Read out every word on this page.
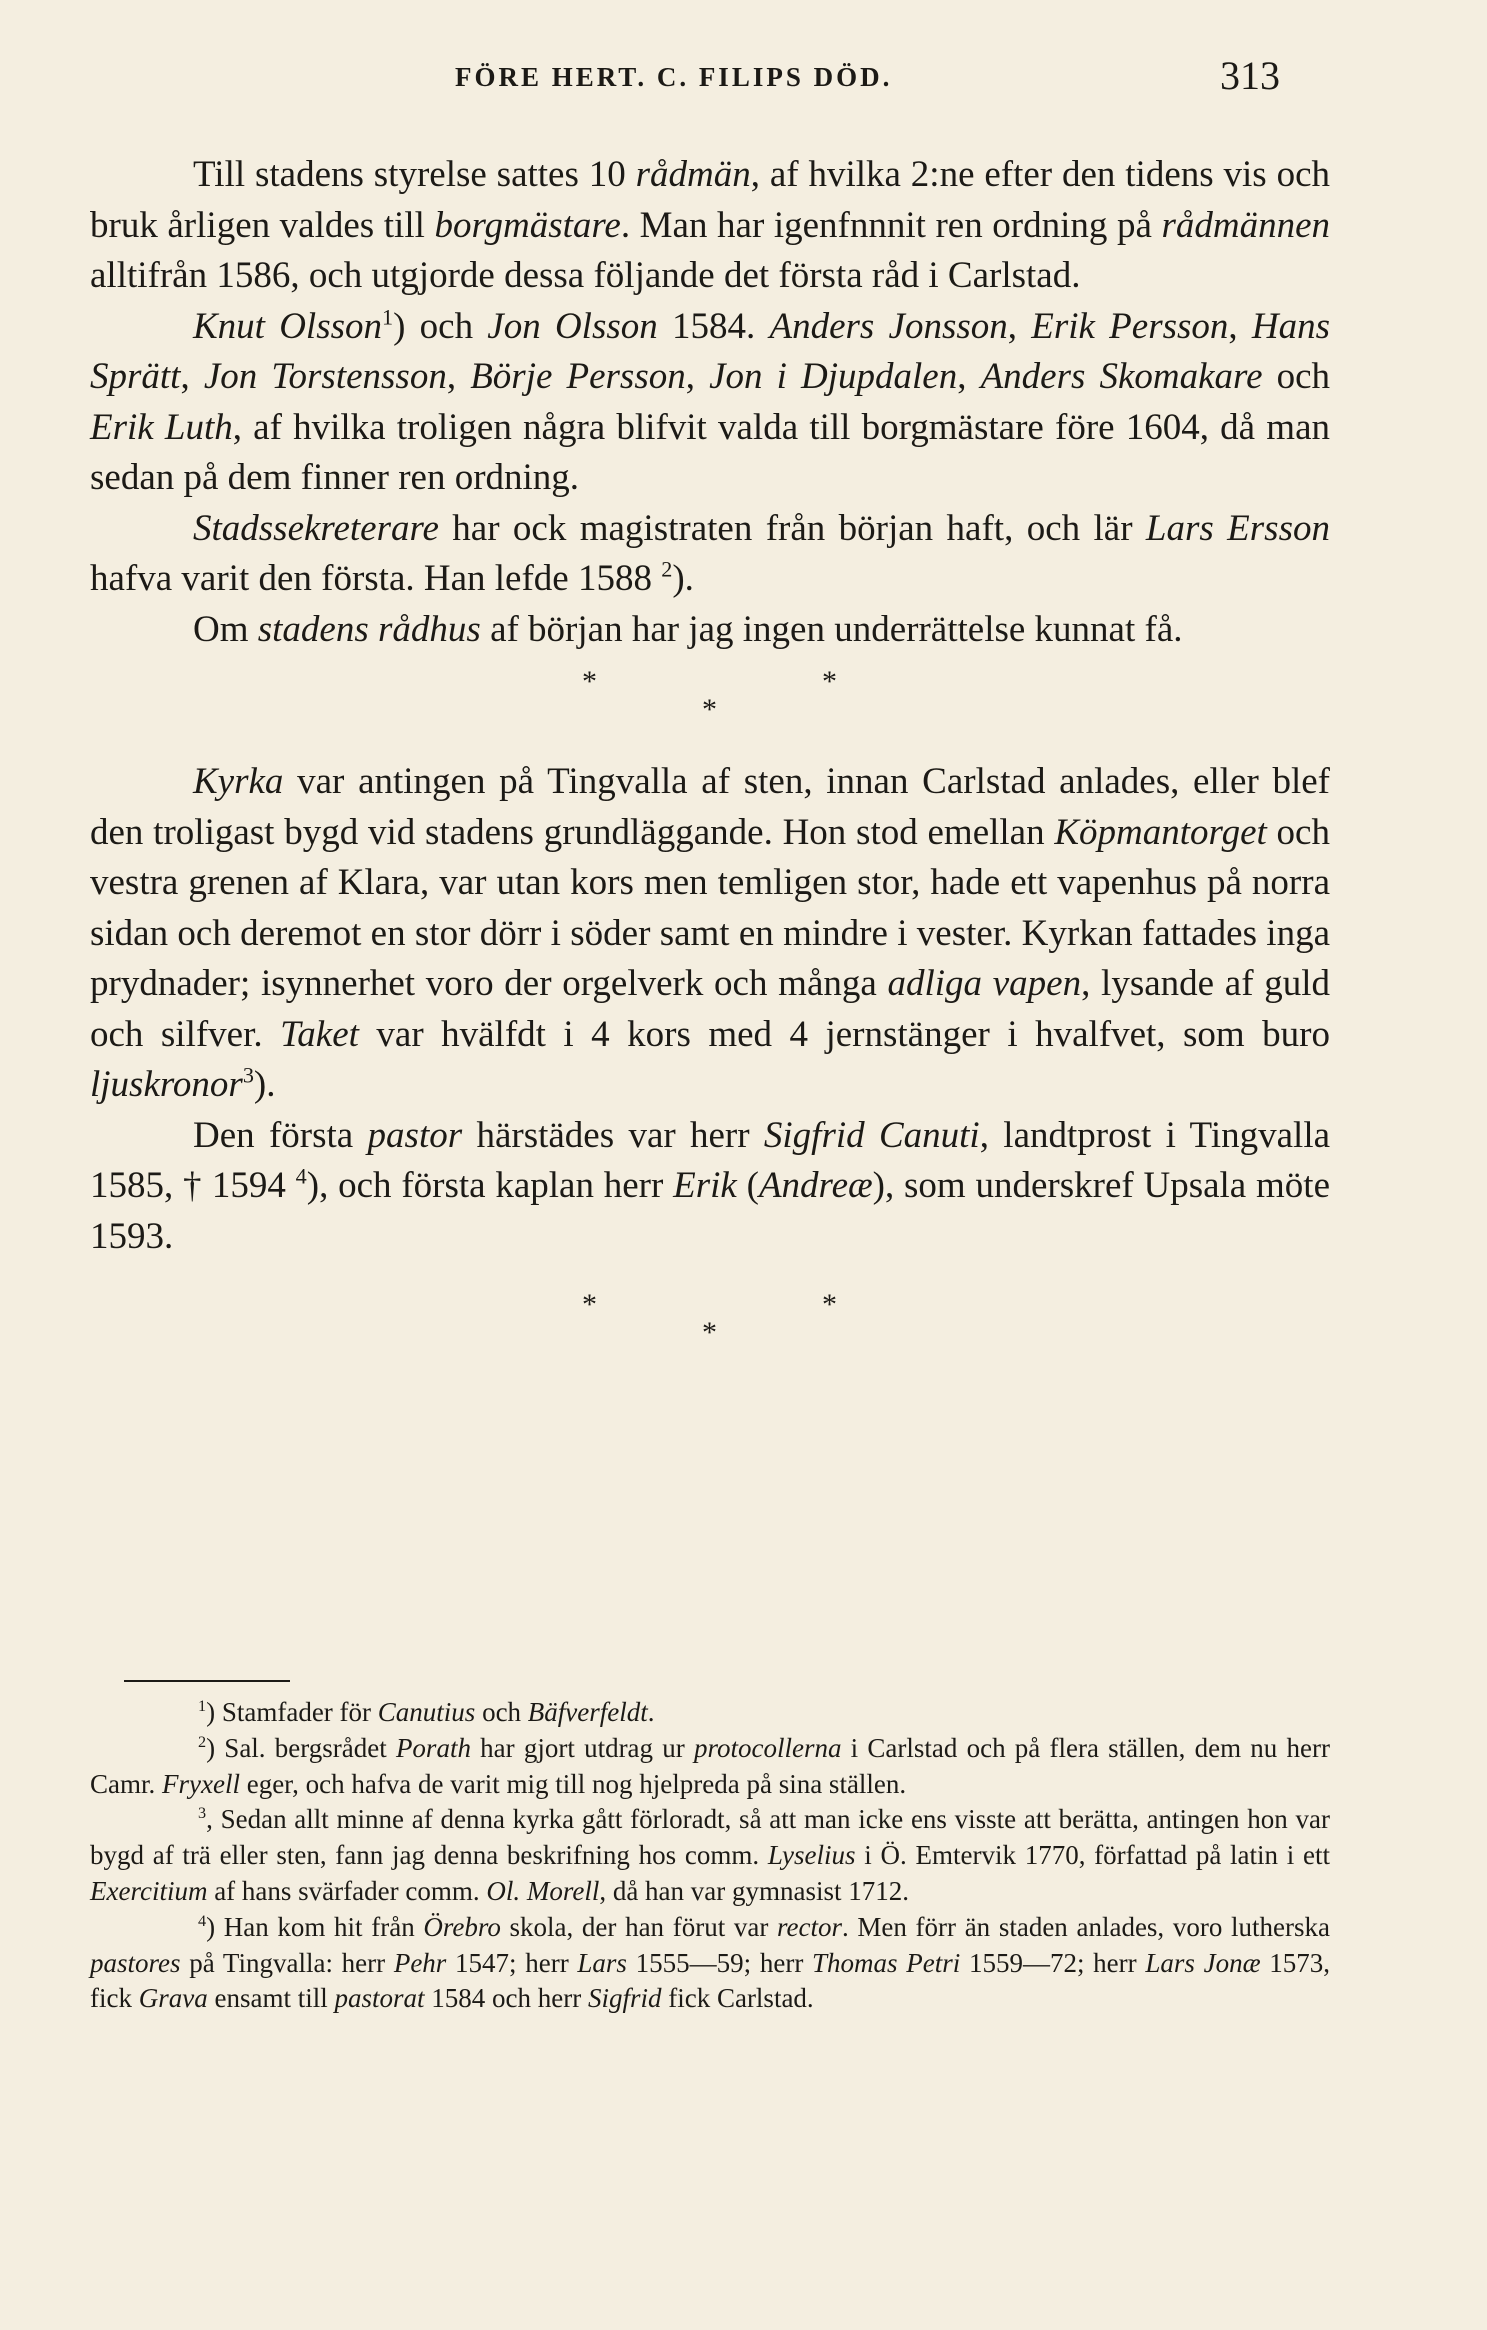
FÖRE HERT. C. FILIPS DÖD.	313

Till stadens styrelse sattes 10 rådmän, af hvilka 2:ne efter den tidens vis och bruk årligen valdes till borgmästare. Man har igenfnnnit ren ordning på rådmännen alltifrån 1586, och utgjorde dessa följande det första råd i Carlstad.

Knut Olsson$^1$) och Jon Olsson 1584. Anders Jonsson, Erik Persson, Hans Sprätt, Jon Torstensson, Börje Persson, Jon i Djupdalen, Anders Skomakare och Erik Luth, af hvilka troligen några blifvit valda till borgmästare före 1604, då man sedan på dem finner ren ordning.

Stadssekreterare har ock magistraten från början haft, och lär Lars Ersson hafva varit den första. Han lefde 1588 $^2$).

Om stadens rådhus af början har jag ingen underrättelse kunnat få.

*	*
*

Kyrka var antingen på Tingvalla af sten, innan Carlstad anlades, eller blef den troligast bygd vid stadens grundläggande. Hon stod emellan Köpmantorget och vestra grenen af Klara, var utan kors men temligen stor, hade ett vapenhus på norra sidan och deremot en stor dörr i söder samt en mindre i vester. Kyrkan fattades inga prydnader; isynnerhet voro der orgelverk och många adliga vapen, lysande af guld och silfver. Taket var hvälfdt i 4 kors med 4 jernstänger i hvalfvet, som buro ljuskronor$^3$).

Den första pastor härstädes var herr Sigfrid Canuti, landtprost i Tingvalla 1585, † 1594 $^4$), och första kaplan herr Erik (Andreæ), som underskref Upsala möte 1593.

*	*
*

$^1$) Stamfader för Canutius och Bäfverfeldt.

$^2$) Sal. bergsrådet Porath har gjort utdrag ur protocollerna i Carlstad och på flera ställen, dem nu herr Camr. Fryxell eger, och hafva de varit mig till nog hjelpreda på sina ställen.

$^3$, Sedan allt minne af denna kyrka gått förloradt, så att man icke ens visste att berätta, antingen hon var bygd af trä eller sten, fann jag denna beskrifning hos comm. Lyselius i Ö. Emtervik 1770, författad på latin i ett Exercitium af hans svärfader comm. Ol. Morell, då han var gymnasist 1712.

$^4$) Han kom hit från Örebro skola, der han förut var rector. Men förr än staden anlades, voro lutherska pastores på Tingvalla: herr Pehr 1547; herr Lars 1555—59; herr Thomas Petri 1559—72; herr Lars Jonæ 1573, fick Grava ensamt till pastorat 1584 och herr Sigfrid fick Carlstad.
